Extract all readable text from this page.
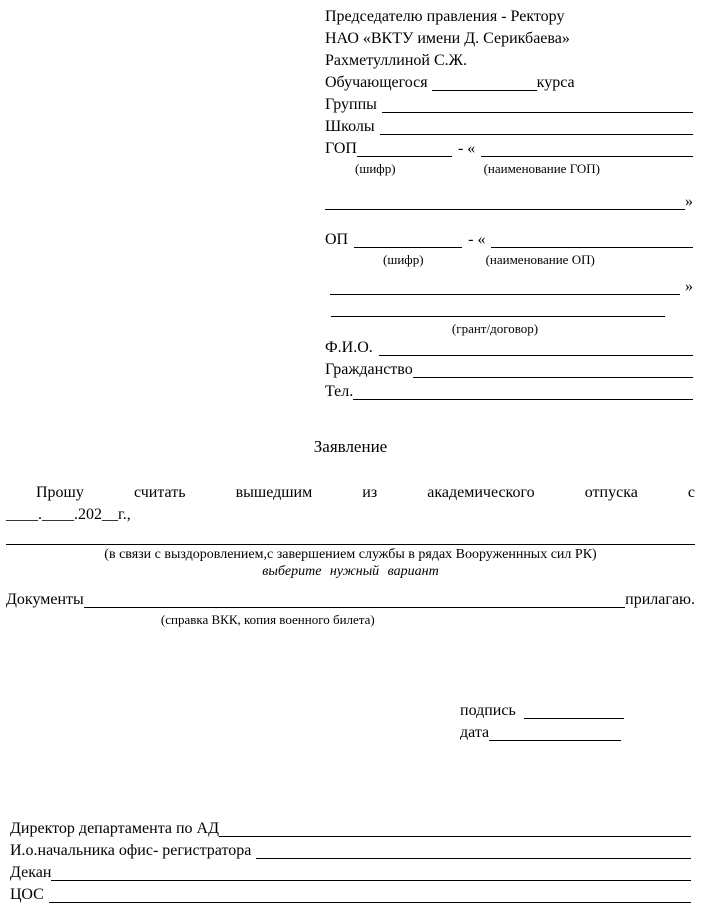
Председателю правления - Ректору
НАО «ВКТУ имени Д. Серикбаева»
Рахметуллиной С.Ж.
Обучающегося	курса
Группы
Школы
ГОП	- «
(шифр)	(наименование ГОП)
»
ОП	- «
(шифр)	(наименование ОП)
»
(грант/договор)
Ф.И.О.
Гражданство
Тел.
Заявление

Прошу считать вышедшим из академического отпуска с

____.____.202__г.,

(в связи с выздоровлением,с завершением службы в рядах Вооруженнных сил РК)
выберите нужный вариант
Документы	прилагаю.
(справка ВКК, копия военного билета)
подпись
дата
Директор департамента по АД
И.о.начальника офис- регистратора
Декан
ЦОС
